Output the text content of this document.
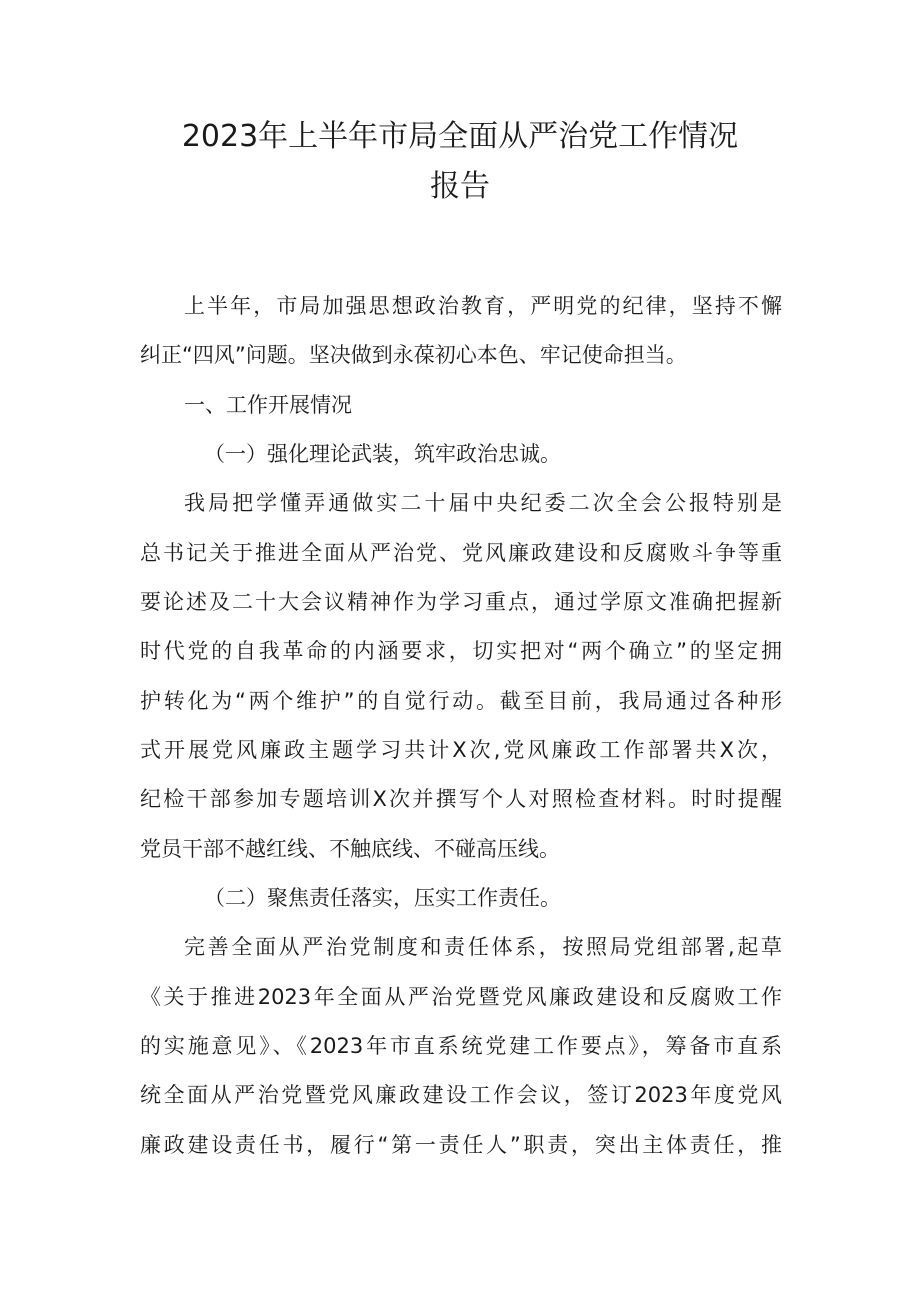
2023年上半年市局全面从严治党工作情况
报告
上半年，市局加强思想政治教育，严明党的纪律，坚持不懈
纠正“四风”问题。坚决做到永葆初心本色、牢记使命担当。
一、工作开展情况
（一）强化理论武装，筑牢政治忠诚。
我局把学懂弄通做实二十届中央纪委二次全会公报特别是
总书记关于推进全面从严治党、党风廉政建设和反腐败斗争等重
要论述及二十大会议精神作为学习重点，通过学原文准确把握新
时代党的自我革命的内涵要求，切实把对“两个确立”的坚定拥
护转化为“两个维护”的自觉行动。截至目前，我局通过各种形
式开展党风廉政主题学习共计X次,党风廉政工作部署共X次，
纪检干部参加专题培训X次并撰写个人对照检查材料。时时提醒
党员干部不越红线、不触底线、不碰高压线。
（二）聚焦责任落实，压实工作责任。
完善全面从严治党制度和责任体系，按照局党组部署,起草
《关于推进2023年全面从严治党暨党风廉政建设和反腐败工作
的实施意见》、《2023年市直系统党建工作要点》，筹备市直系
统全面从严治党暨党风廉政建设工作会议，签订2023年度党风
廉政建设责任书，履行“第一责任人”职责，突出主体责任，推
